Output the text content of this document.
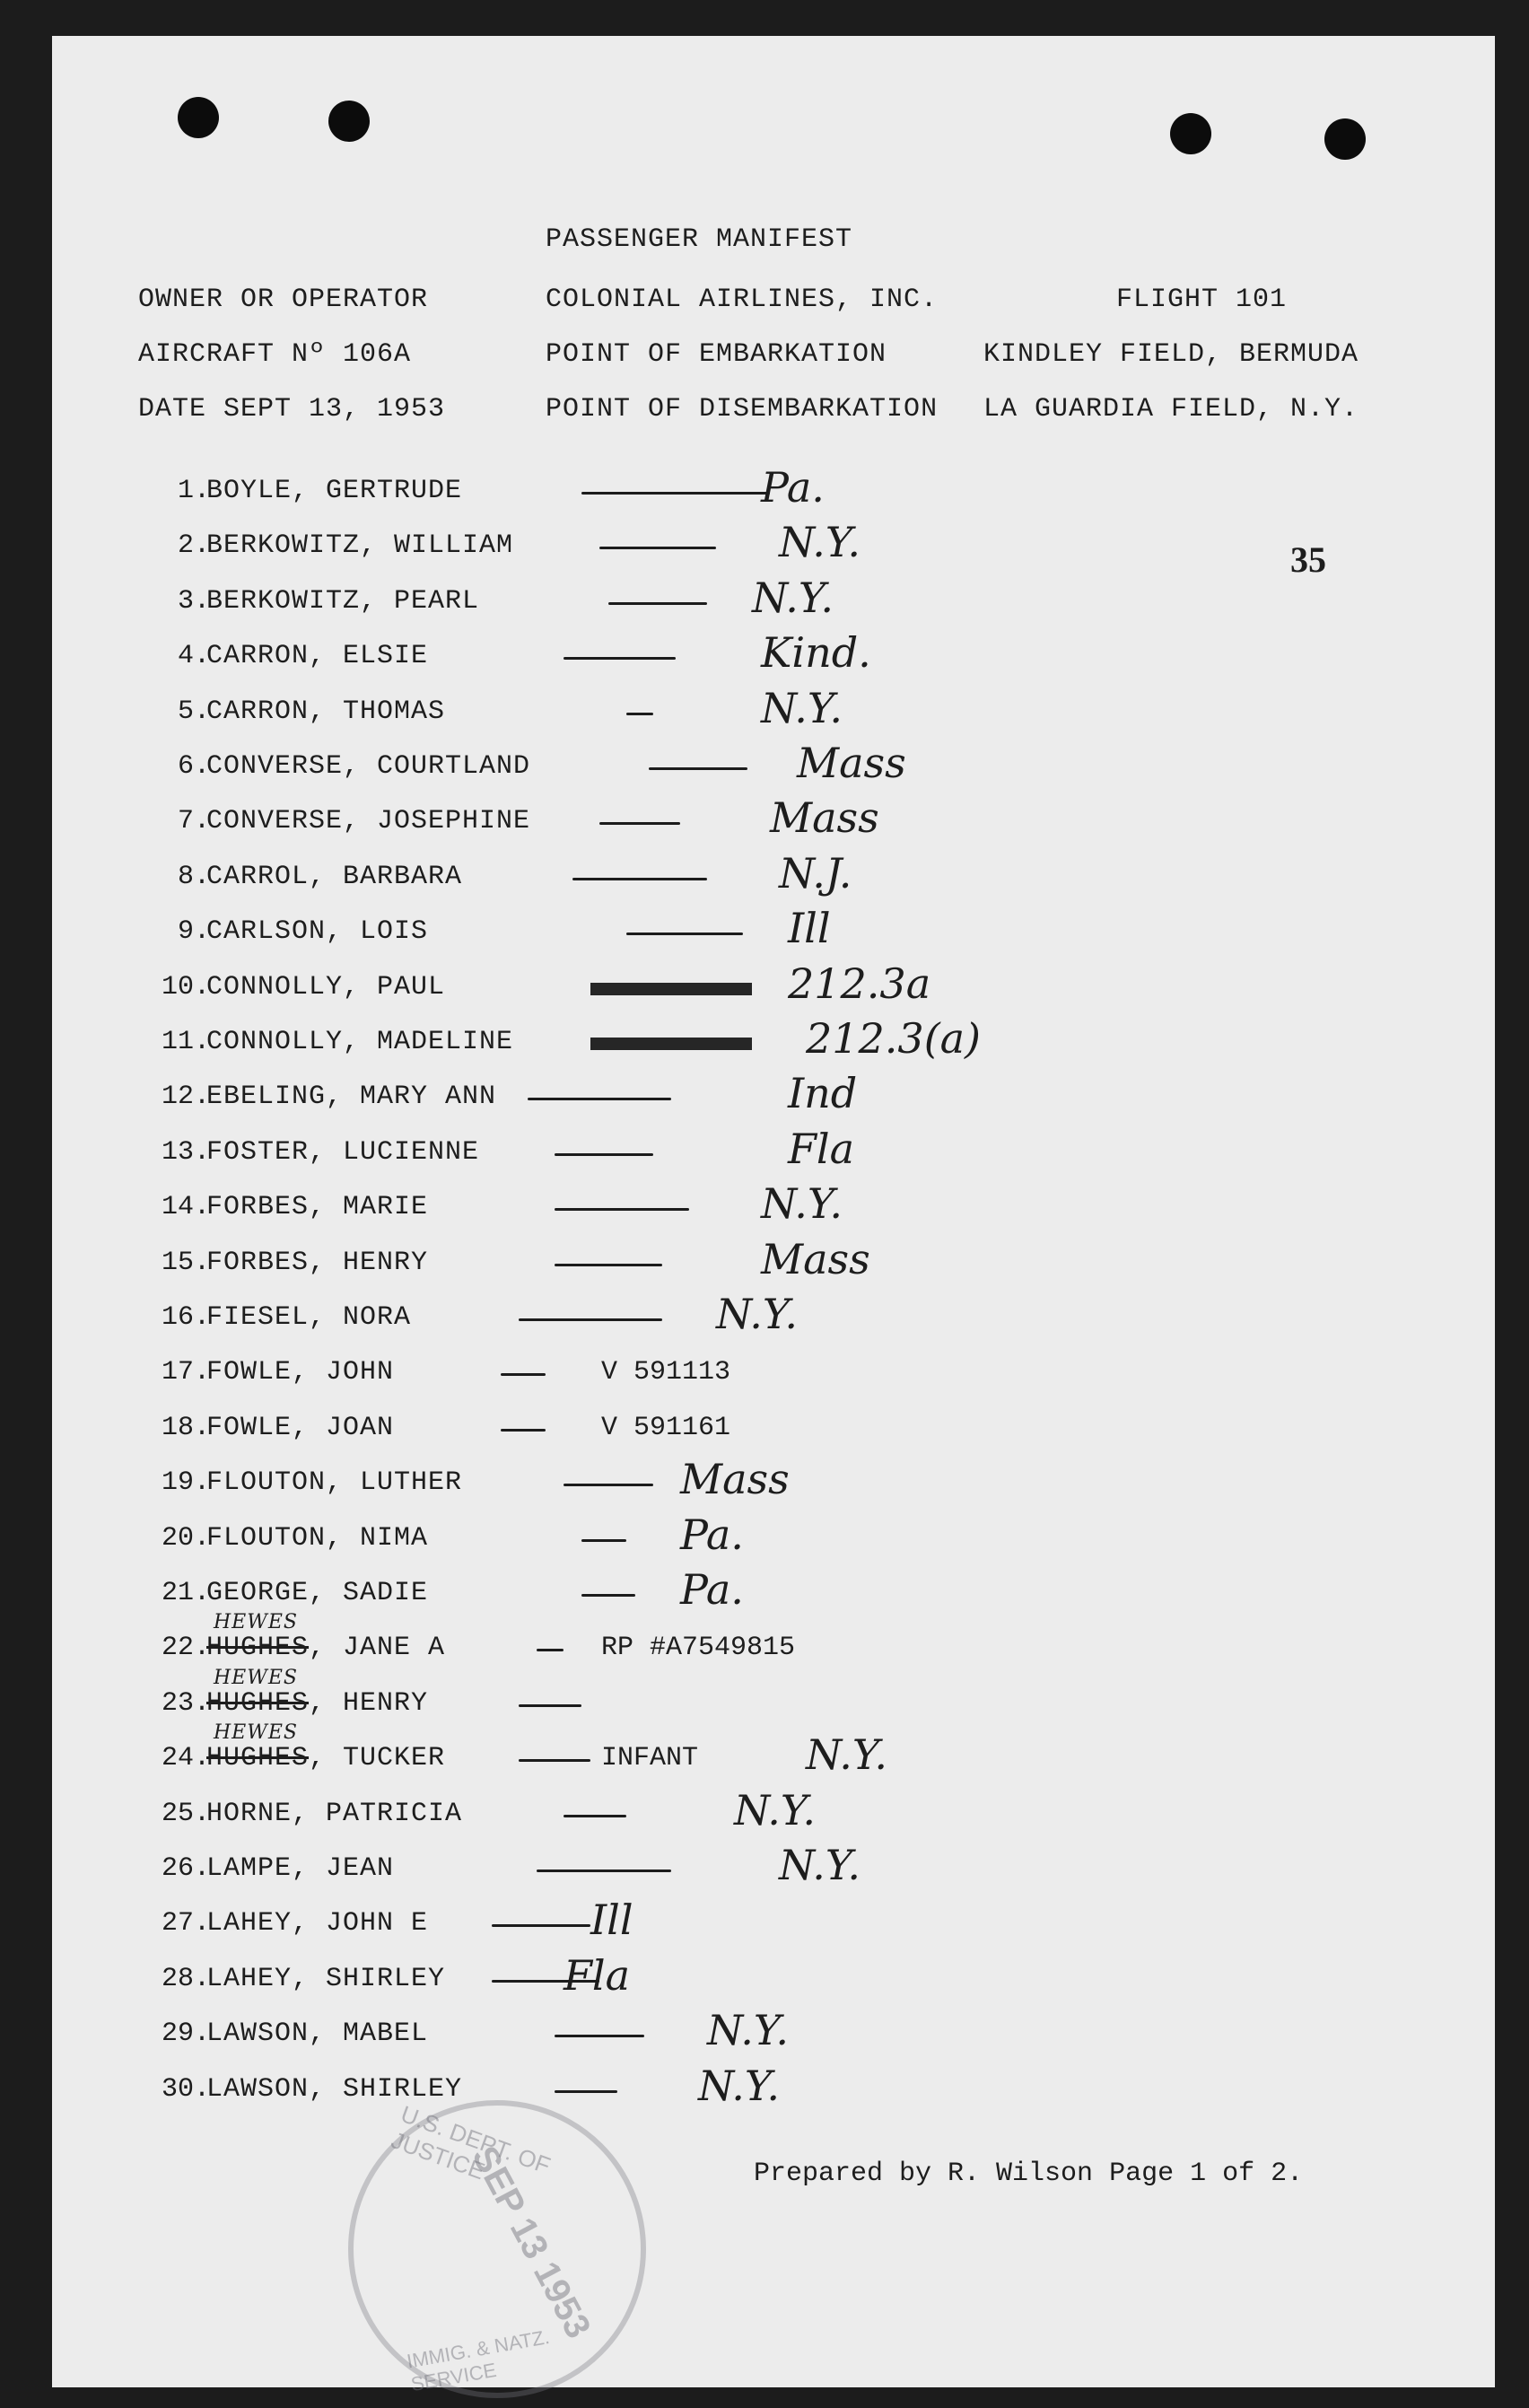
PASSENGER MANIFEST
OWNER OR OPERATOR	COLONIAL AIRLINES, INC.	FLIGHT 101
AIRCRAFT Nº 106A	POINT OF EMBARKATION	KINDLEY FIELD, BERMUDA
DATE SEPT 13, 1953	POINT OF DISEMBARKATION LA GUARDIA FIELD, N.Y.
35
1.
BOYLE, GERTRUDE	Pa.
2.
BERKOWITZ, WILLIAM	N.Y.
3.
BERKOWITZ, PEARL	N.Y.
4.
CARRON, ELSIE	Kind.
5.
CARRON, THOMAS	N.Y.
6.
CONVERSE, COURTLAND	Mass
7.
CONVERSE, JOSEPHINE	Mass
8.
CARROL, BARBARA	N.J.
9.
CARLSON, LOIS	Ill
10.
CONNOLLY, PAUL	212.3a
11.
CONNOLLY, MADELINE	212.3(a)
12.
EBELING, MARY ANN	Ind
13.
FOSTER, LUCIENNE	Fla
14.
FORBES, MARIE	N.Y.
15.
FORBES, HENRY	Mass
16.
FIESEL, NORA	N.Y.
17.
FOWLE, JOHN	V 591113
18.
FOWLE, JOAN	V 591161
19.
FLOUTON, LUTHER	Mass
20.
FLOUTON, NIMA	Pa.
21.
GEORGE, SADIE	Pa.
22.
HUGHES
HEWES
, JANE A	RP #A7549815
23.
HUGHES
HEWES
, HENRY
24.
HUGHES
HEWES
, TUCKER	INFANT	N.Y.
25.
HORNE, PATRICIA	N.Y.
26.
LAMPE, JEAN	N.Y.
27.
LAHEY, JOHN E	Ill
28.
LAHEY, SHIRLEY	Fla
29.
LAWSON, MABEL	N.Y.
30.
LAWSON, SHIRLEY	N.Y.
U.S. DEPT. OF JUSTICE
SEP 13 1953
IMMIG. & NATZ. SERVICE
Prepared by R. Wilson Page 1 of 2.
